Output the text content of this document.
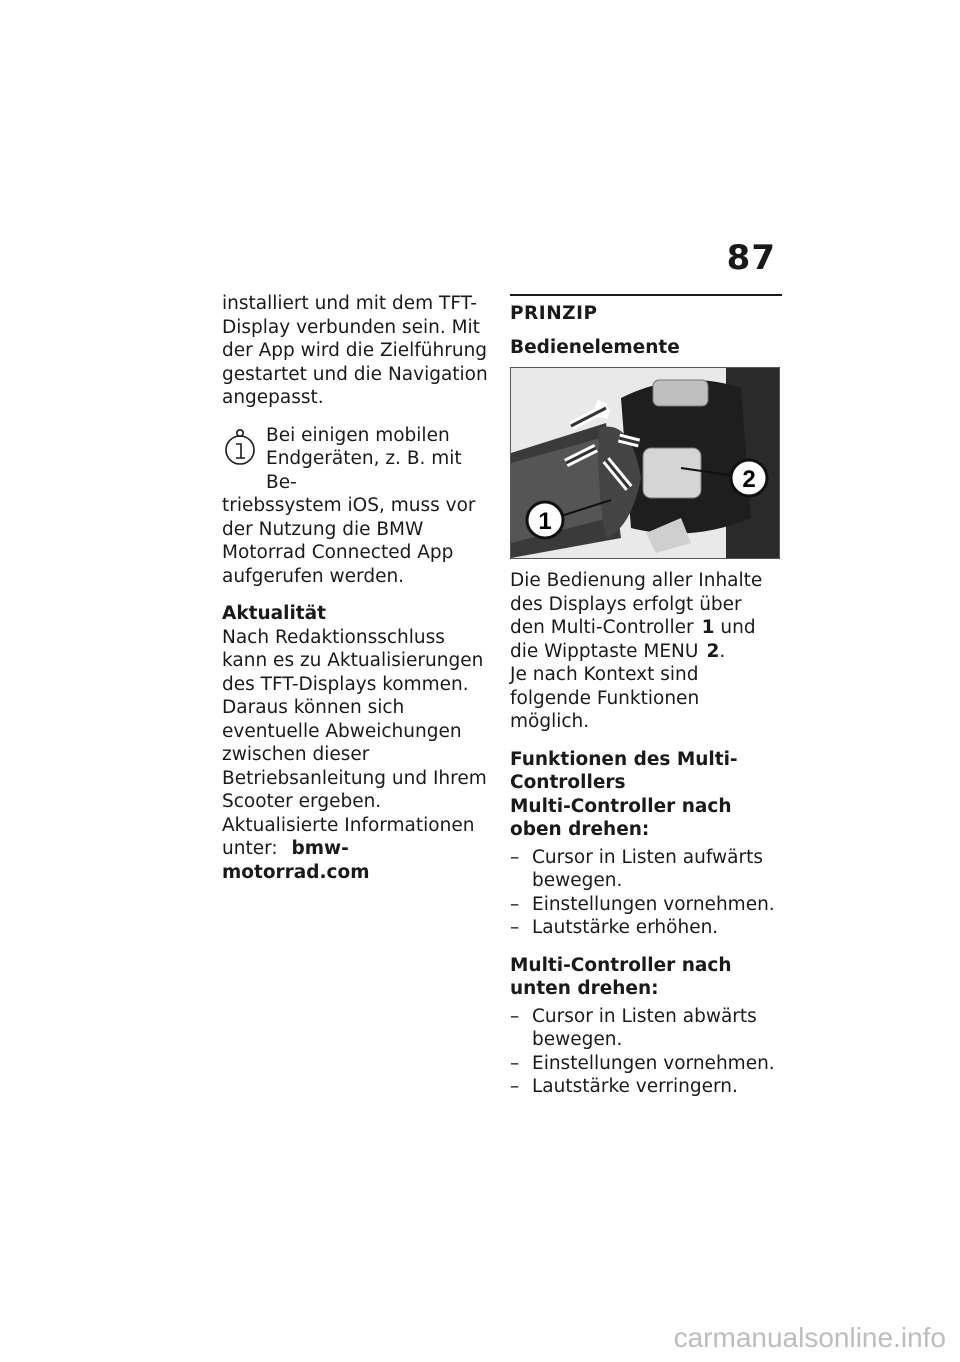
87

installiert und mit dem TFT-Display verbunden sein. Mit der App wird die Zielführung gestartet und die Navigation angepasst.

Bei einigen mobilen Endgeräten, z. B. mit Be-
triebssystem iOS, muss vor der Nutzung die BMW Motorrad Connected App aufgerufen werden.
Aktualität
Nach Redaktionsschluss kann es zu Aktualisierungen des TFT-Displays kommen. Daraus können sich eventuelle Abweichungen zwischen dieser Betriebsanleitung und Ihrem Scooter ergeben. Aktualisierte Informationen unter: bmw-motorrad.com
PRINZIP
Bedienelemente
1
2

Die Bedienung aller Inhalte des Displays erfolgt über den Multi-Controller 1 und die Wipptaste MENU 2.
Je nach Kontext sind folgende Funktionen möglich.

Funktionen des Multi-Controllers
Multi-Controller nach oben drehen:
– Cursor in Listen aufwärts bewegen.
– Einstellungen vornehmen.
– Lautstärke erhöhen.
Multi-Controller nach unten drehen:
– Cursor in Listen abwärts bewegen.
– Einstellungen vornehmen.
– Lautstärke verringern.
carmanualsonline.info
